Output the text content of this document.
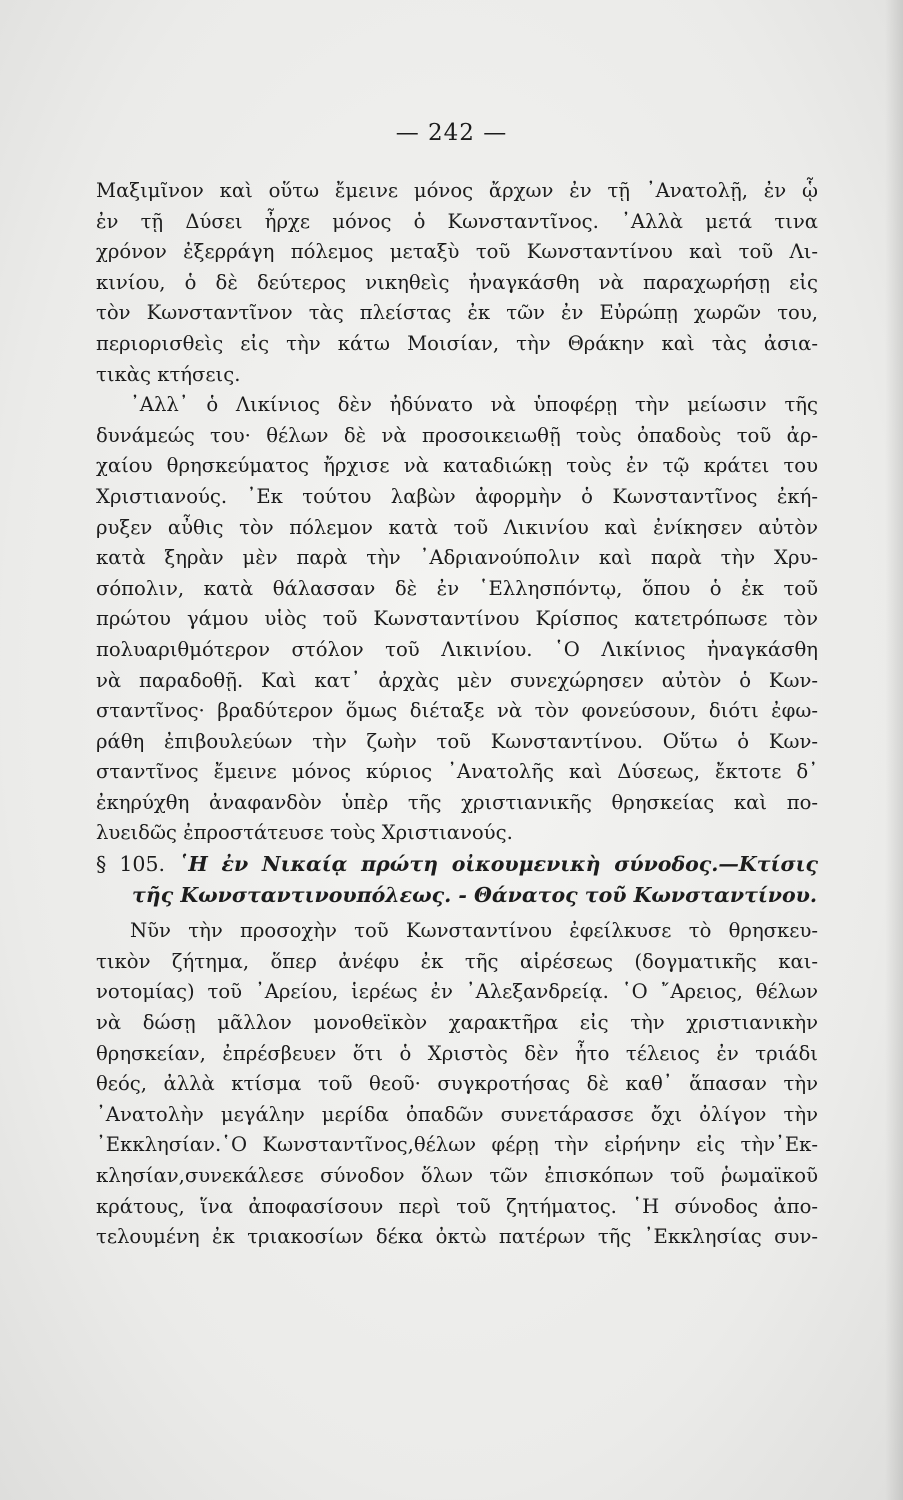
— 242 —
Μαξιμῖνον καὶ οὕτω ἔμεινε μόνος ἄρχων ἐν τῇ ᾽Ανατολῇ, ἐν ᾧ
ἐν τῇ Δύσει ἦρχε μόνος ὁ Κωνσταντῖνος. ᾽Αλλὰ μετά τινα
χρόνον ἐξερράγη πόλεμος μεταξὺ τοῦ Κωνσταντίνου καὶ τοῦ Λι-
κινίου, ὁ δὲ δεύτερος νικηθεὶς ἠναγκάσθη νὰ παραχωρήσῃ εἰς
τὸν Κωνσταντῖνον τὰς πλείστας ἐκ τῶν ἐν Εὐρώπῃ χωρῶν του,
περιορισθεὶς εἰς τὴν κάτω Μοισίαν, τὴν Θράκην καὶ τὰς ἀσια-
τικὰς κτήσεις.
᾽Αλλ᾽ ὁ Λικίνιος δὲν ἠδύνατο νὰ ὑποφέρῃ τὴν μείωσιν τῆς
δυνάμεώς του· θέλων δὲ νὰ προσοικειωθῇ τοὺς ὀπαδοὺς τοῦ ἀρ-
χαίου θρησκεύματος ἤρχισε νὰ καταδιώκῃ τοὺς ἐν τῷ κράτει του
Χριστιανούς. ᾽Εκ τούτου λαβὼν ἀφορμὴν ὁ Κωνσταντῖνος ἐκή-
ρυξεν αὖθις τὸν πόλεμον κατὰ τοῦ Λικινίου καὶ ἐνίκησεν αὐτὸν
κατὰ ξηρὰν μὲν παρὰ τὴν ᾽Αδριανούπολιν καὶ παρὰ τὴν Χρυ-
σόπολιν, κατὰ θάλασσαν δὲ ἐν ῾Ελλησπόντῳ, ὅπου ὁ ἐκ τοῦ
πρώτου γάμου υἱὸς τοῦ Κωνσταντίνου Κρίσπος κατετρόπωσε τὸν
πολυαριθμότερον στόλον τοῦ Λικινίου. ῾Ο Λικίνιος ἠναγκάσθη
νὰ παραδοθῇ. Καὶ κατ᾽ ἀρχὰς μὲν συνεχώρησεν αὐτὸν ὁ Κων-
σταντῖνος· βραδύτερον ὅμως διέταξε νὰ τὸν φονεύσουν, διότι ἐφω-
ράθη ἐπιβουλεύων τὴν ζωὴν τοῦ Κωνσταντίνου. Οὕτω ὁ Κων-
σταντῖνος ἔμεινε μόνος κύριος ᾽Ανατολῆς καὶ Δύσεως, ἔκτοτε δ᾽
ἐκηρύχθη ἀναφανδὸν ὑπὲρ τῆς χριστιανικῆς θρησκείας καὶ πο-
λυειδῶς ἐπροστάτευσε τοὺς Χριστιανούς.
§ 105. ῾Η ἐν Νικαίᾳ πρώτη οἰκουμενικὴ σύνοδος.—Κτίσις
τῆς Κωνσταντινουπόλεως. - Θάνατος τοῦ Κωνσταντίνου.
Νῦν τὴν προσοχὴν τοῦ Κωνσταντίνου ἐφείλκυσε τὸ θρησκευ-
τικὸν ζήτημα, ὅπερ ἀνέφυ ἐκ τῆς αἱρέσεως (δογματικῆς και-
νοτομίας) τοῦ ᾽Αρείου, ἱερέως ἐν ᾽Αλεξανδρείᾳ. ῾Ο ῎Αρειος, θέλων
νὰ δώσῃ μᾶλλον μονοθεϊκὸν χαρακτῆρα εἰς τὴν χριστιανικὴν
θρησκείαν, ἐπρέσβευεν ὅτι ὁ Χριστὸς δὲν ἦτο τέλειος ἐν τριάδι
θεός, ἀλλὰ κτίσμα τοῦ θεοῦ· συγκροτήσας δὲ καθ᾽ ἅπασαν τὴν
᾽Ανατολὴν μεγάλην μερίδα ὀπαδῶν συνετάρασσε ὄχι ὀλίγον τὴν
᾽Εκκλησίαν.῾Ο Κωνσταντῖνος,θέλων φέρῃ τὴν εἰρήνην εἰς τὴν᾽Εκ-
κλησίαν,συνεκάλεσε σύνοδον ὅλων τῶν ἐπισκόπων τοῦ ῥωμαϊκοῦ
κράτους, ἵνα ἀποφασίσουν περὶ τοῦ ζητήματος. ῾Η σύνοδος ἀπο-
τελουμένη ἐκ τριακοσίων δέκα ὀκτὼ πατέρων τῆς ᾽Εκκλησίας συν-
